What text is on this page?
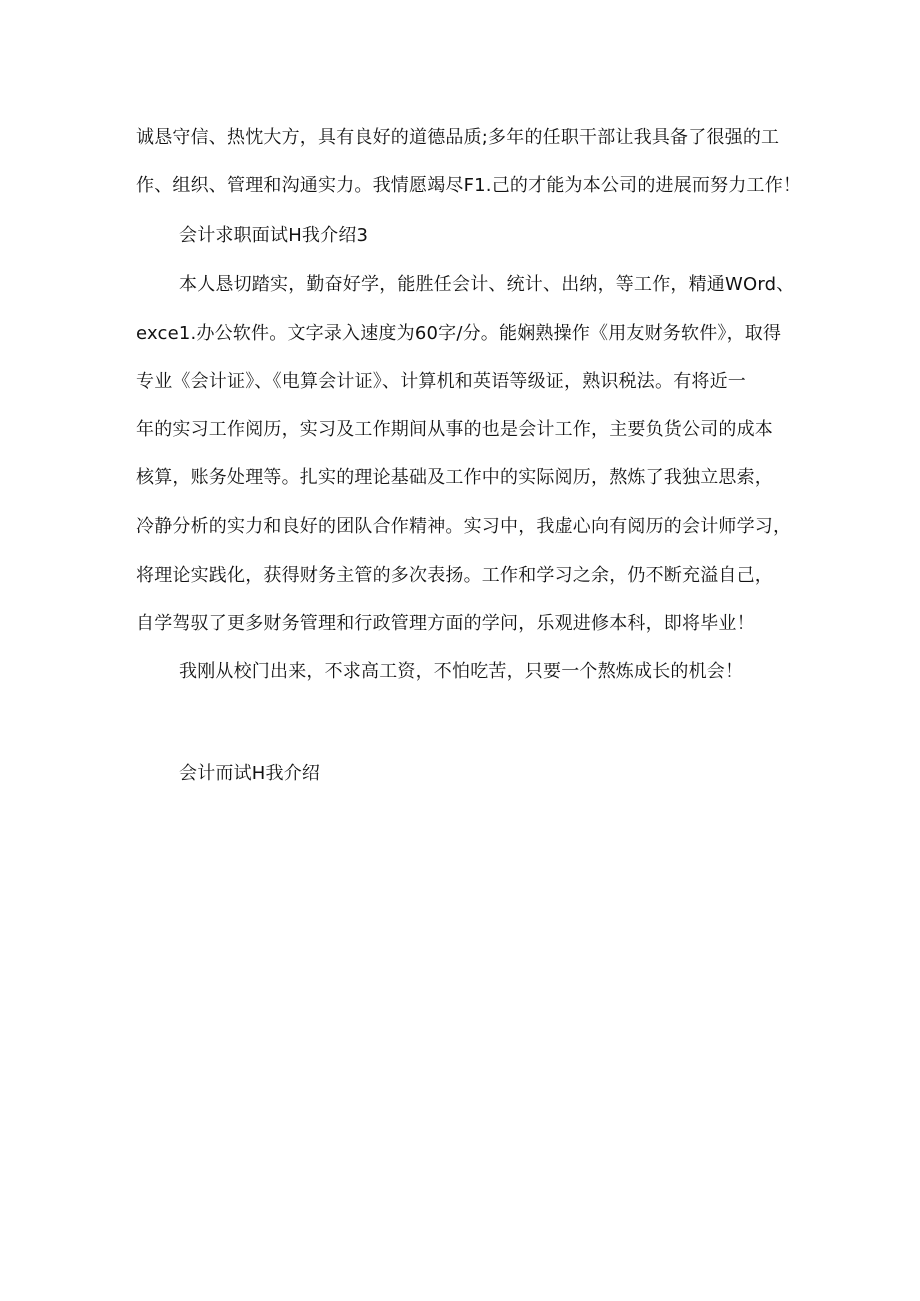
诚恳守信、热忱大方，具有良好的道德品质;多年的任职干部让我具备了很强的工
作、组织、管理和沟通实力。我情愿竭尽F1.己的才能为本公司的进展而努力工作！
会计求职面试H我介绍3
本人恳切踏实，勤奋好学，能胜任会计、统计、出纳，等工作，精通WOrd、
exce1.办公软件。文字录入速度为60字/分。能娴熟操作《用友财务软件》，取得
专业《会计证》、《电算会计证》、计算机和英语等级证，熟识税法。有将近一
年的实习工作阅历，实习及工作期间从事的也是会计工作，主要负货公司的成本
核算，账务处理等。扎实的理论基础及工作中的实际阅历，熬炼了我独立思索，
冷静分析的实力和良好的团队合作精神。实习中，我虚心向有阅历的会计师学习，
将理论实践化，获得财务主管的多次表扬。工作和学习之余，仍不断充溢自己，
自学驾驭了更多财务管理和行政管理方面的学问，乐观进修本科，即将毕业！
我刚从校门出来，不求高工资，不怕吃苦，只要一个熬炼成长的机会！
会计而试H我介绍
